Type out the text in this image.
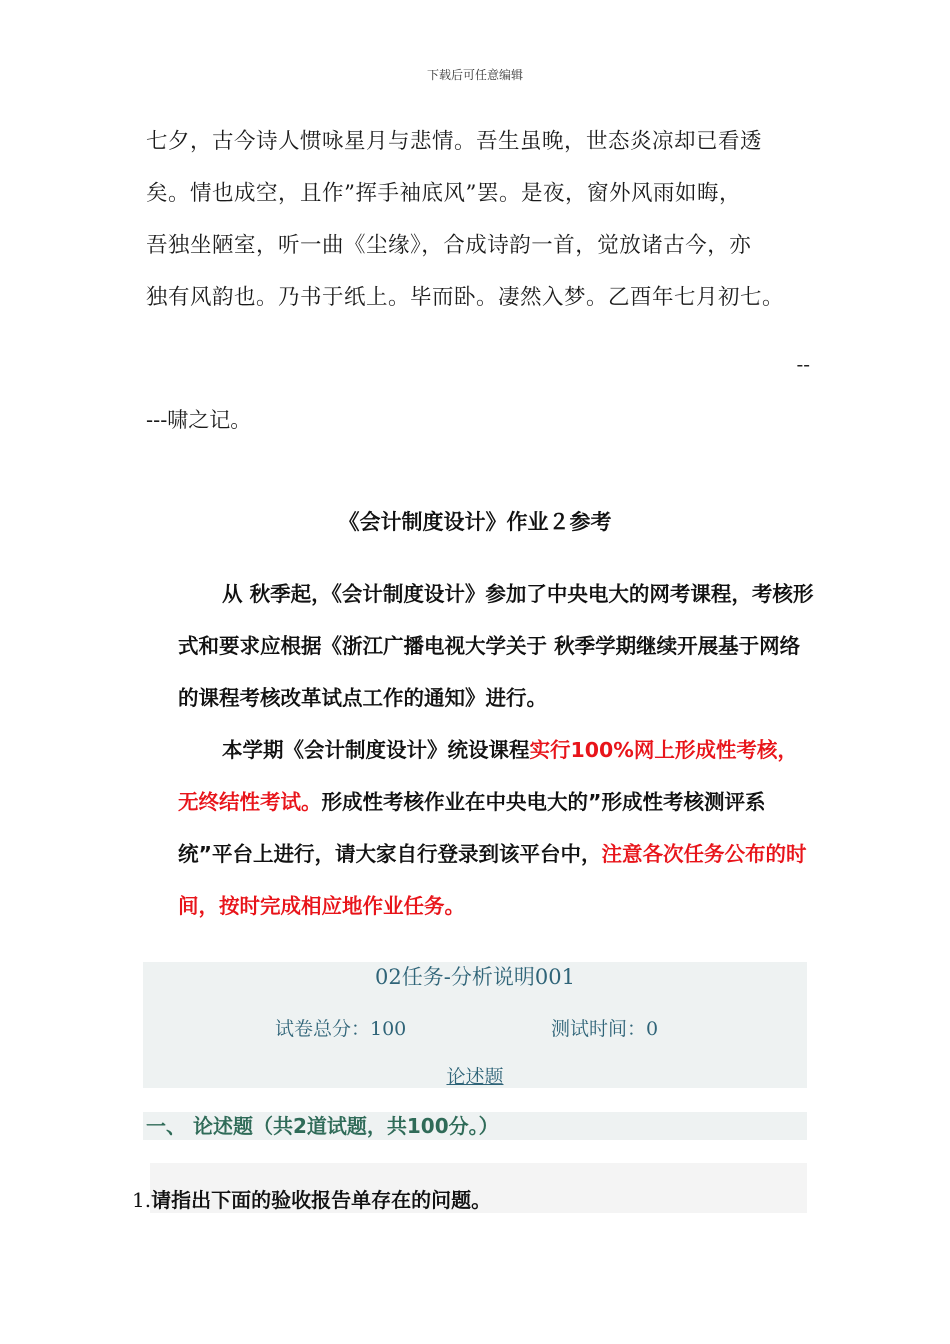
下载后可任意编辑
七夕，古今诗人惯咏星月与悲情。吾生虽晚，世态炎凉却已看透
矣。情也成空，且作”挥手袖底风”罢。是夜，窗外风雨如晦，
吾独坐陋室，听一曲《尘缘》，合成诗韵一首，觉放诸古今，亦
独有风韵也。乃书于纸上。毕而卧。凄然入梦。乙酉年七月初七。
--
---啸之记。
《会计制度设计》作业２参考
从 秋季起，《会计制度设计》参加了中央电大的网考课程，考核形式和要求应根据《浙江广播电视大学关于 秋季学期继续开展基于网络的课程考核改革试点工作的通知》进行。
本学期《会计制度设计》统设课程实行100%网上形成性考核，无终结性考试。形成性考核作业在中央电大的”形成性考核测评系统”平台上进行，请大家自行登录到该平台中，注意各次任务公布的时间，按时完成相应地作业任务。
02任务-分析说明001
试卷总分：100	测试时间：0
论述题
一、 论述题（共2道试题，共100分。）
1.请指出下面的验收报告单存在的问题。
